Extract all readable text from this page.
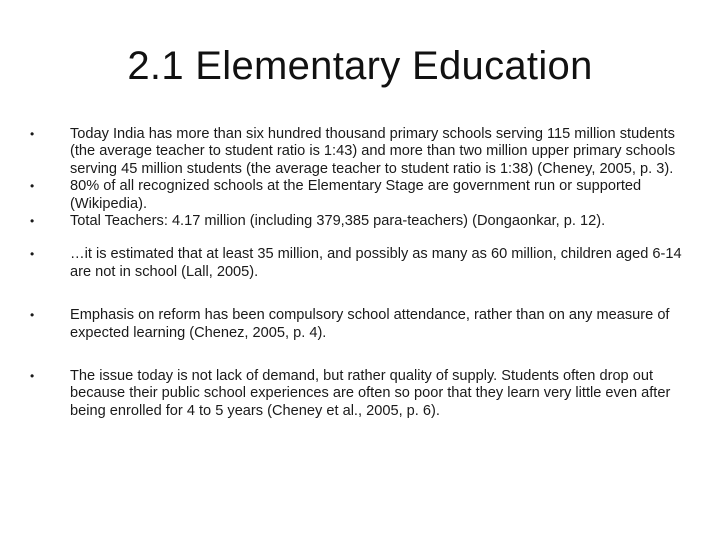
2.1 Elementary Education
•	Today India has more than six hundred thousand primary schools serving 115 million students (the average teacher to student ratio is 1:43) and more than two million upper primary schools serving 45 million students (the average teacher to student ratio is 1:38) (Cheney, 2005, p. 3).
•	80% of all recognized schools at the Elementary Stage are government run or supported (Wikipedia).
•	Total Teachers: 4.17 million (including 379,385 para-teachers) (Dongaonkar, p. 12).
•	…it is estimated that at least 35 million, and possibly as many as 60 million, children aged 6-14 are not in school (Lall, 2005).
•	Emphasis on reform has been compulsory school attendance, rather than on any measure of expected learning (Chenez, 2005, p. 4).
•	The issue today is not lack of demand, but rather quality of supply. Students often drop out because their public school experiences are often so poor that they learn very little even after being enrolled for 4 to 5 years (Cheney et al., 2005, p. 6).
